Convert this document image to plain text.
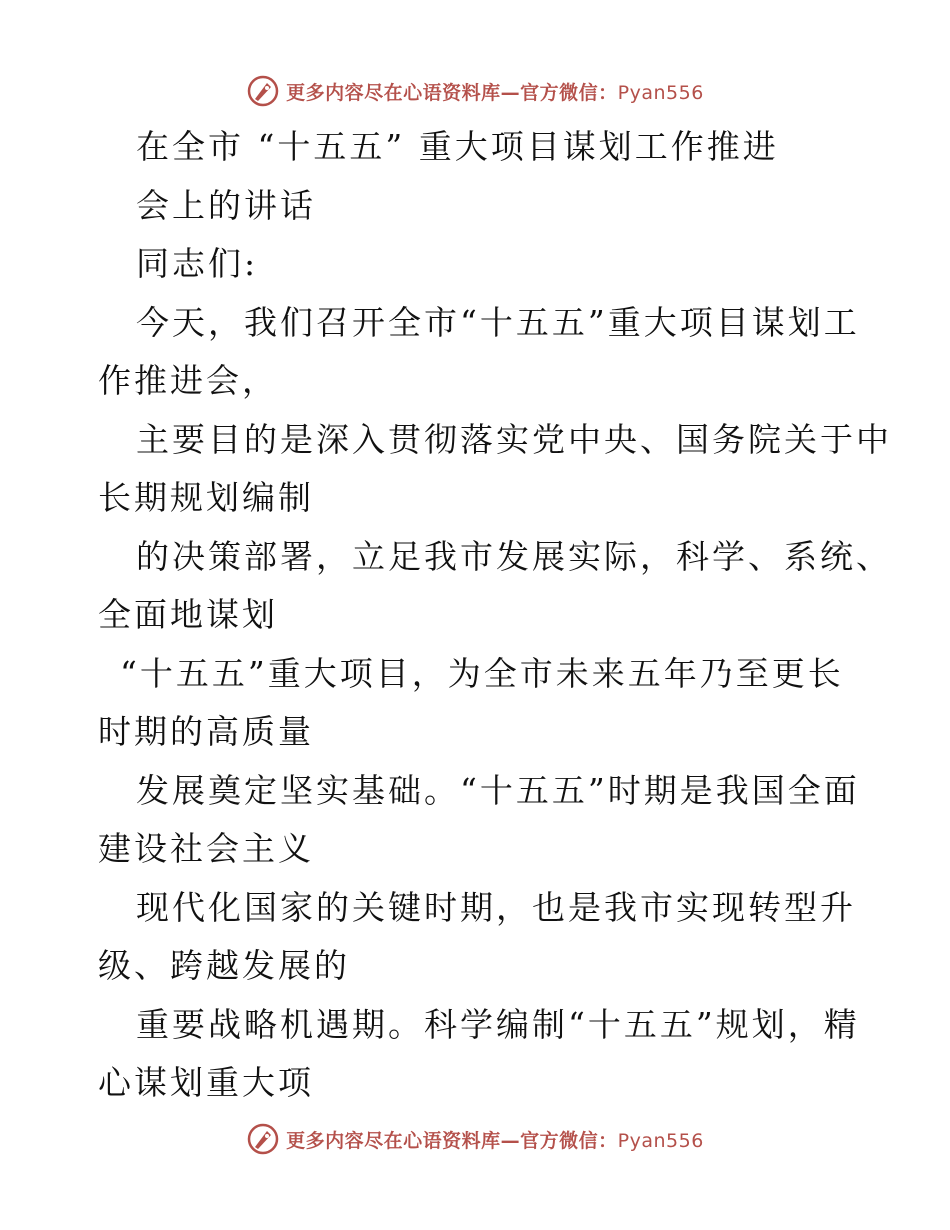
更多内容尽在心语资料库—官方微信：Pyan556
在全市 “十五五” 重大项目谋划工作推进
会上的讲话
同志们:
今天，我们召开全市“十五五”重大项目谋划工
作推进会，
主要目的是深入贯彻落实党中央、国务院关于中
长期规划编制
的决策部署，立足我市发展实际，科学、系统、
全面地谋划
“十五五”重大项目，为全市未来五年乃至更长
时期的高质量
发展奠定坚实基础。“十五五”时期是我国全面
建设社会主义
现代化国家的关键时期，也是我市实现转型升
级、跨越发展的
重要战略机遇期。科学编制“十五五”规划，精
心谋划重大项
更多内容尽在心语资料库—官方微信：Pyan556
